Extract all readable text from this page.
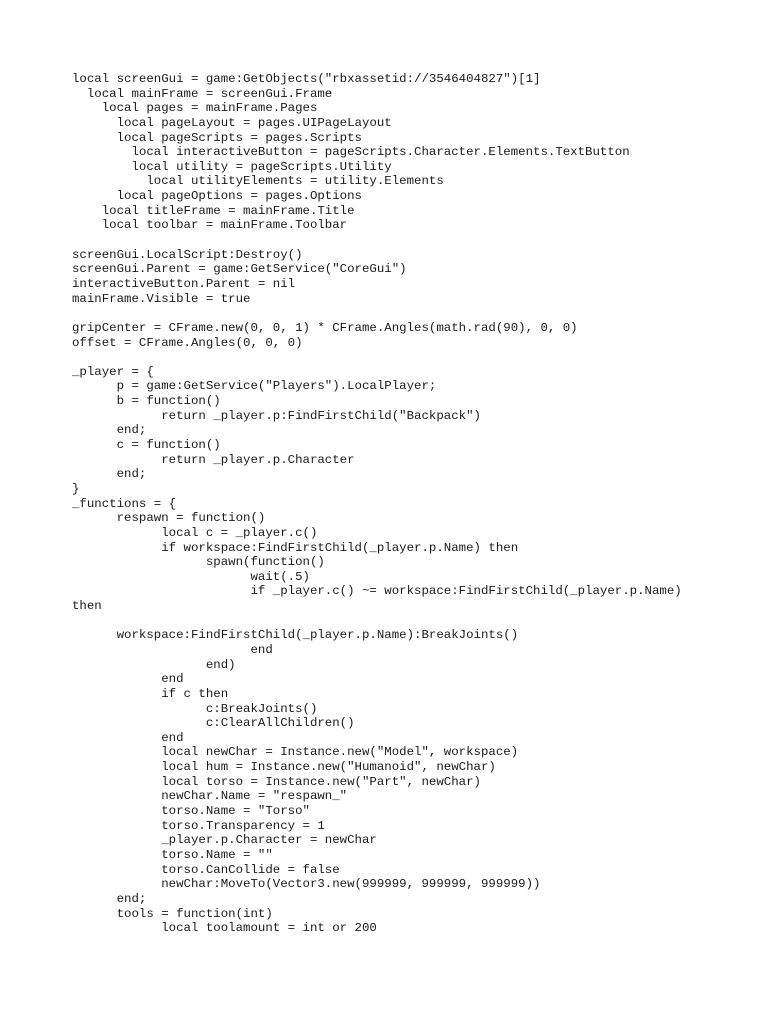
local screenGui = game:GetObjects("rbxassetid://3546404827")[1]
local mainFrame = screenGui.Frame
local pages = mainFrame.Pages
local pageLayout = pages.UIPageLayout
local pageScripts = pages.Scripts
local interactiveButton = pageScripts.Character.Elements.TextButton
local utility = pageScripts.Utility
local utilityElements = utility.Elements
local pageOptions = pages.Options
local titleFrame = mainFrame.Title
local toolbar = mainFrame.Toolbar
screenGui.LocalScript:Destroy()
screenGui.Parent = game:GetService("CoreGui")
interactiveButton.Parent = nil
mainFrame.Visible = true
gripCenter = CFrame.new(0, 0, 1) * CFrame.Angles(math.rad(90), 0, 0)
offset = CFrame.Angles(0, 0, 0)
_player = {
p = game:GetService("Players").LocalPlayer;
b = function()
return _player.p:FindFirstChild("Backpack")
end;
c = function()
return _player.p.Character
end;
}
_functions = {
respawn = function()
local c = _player.c()
if workspace:FindFirstChild(_player.p.Name) then
spawn(function()
wait(.5)
if _player.c() ~= workspace:FindFirstChild(_player.p.Name)
then
workspace:FindFirstChild(_player.p.Name):BreakJoints()
end
end)
end
if c then
c:BreakJoints()
c:ClearAllChildren()
end
local newChar = Instance.new("Model", workspace)
local hum = Instance.new("Humanoid", newChar)
local torso = Instance.new("Part", newChar)
newChar.Name = "respawn_"
torso.Name = "Torso"
torso.Transparency = 1
_player.p.Character = newChar
torso.Name = ""
torso.CanCollide = false
newChar:MoveTo(Vector3.new(999999, 999999, 999999))
end;
tools = function(int)
local toolamount = int or 200
